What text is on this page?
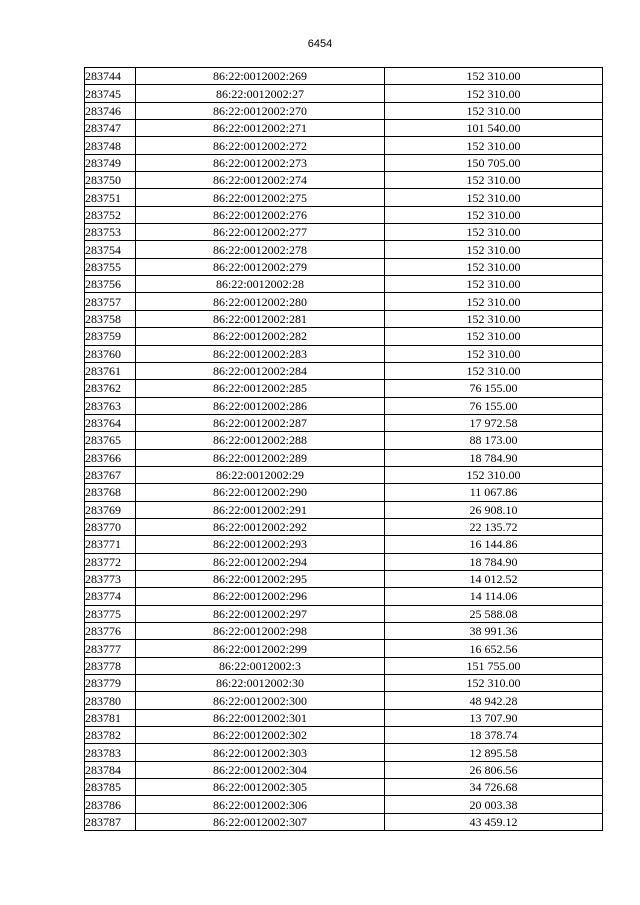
6454
283744	86:22:0012002:269	152 310.00
283745	86:22:0012002:27	152 310.00
283746	86:22:0012002:270	152 310.00
283747	86:22:0012002:271	101 540.00
283748	86:22:0012002:272	152 310.00
283749	86:22:0012002:273	150 705.00
283750	86:22:0012002:274	152 310.00
283751	86:22:0012002:275	152 310.00
283752	86:22:0012002:276	152 310.00
283753	86:22:0012002:277	152 310.00
283754	86:22:0012002:278	152 310.00
283755	86:22:0012002:279	152 310.00
283756	86:22:0012002:28	152 310.00
283757	86:22:0012002:280	152 310.00
283758	86:22:0012002:281	152 310.00
283759	86:22:0012002:282	152 310.00
283760	86:22:0012002:283	152 310.00
283761	86:22:0012002:284	152 310.00
283762	86:22:0012002:285	76 155.00
283763	86:22:0012002:286	76 155.00
283764	86:22:0012002:287	17 972.58
283765	86:22:0012002:288	88 173.00
283766	86:22:0012002:289	18 784.90
283767	86:22:0012002:29	152 310.00
283768	86:22:0012002:290	11 067.86
283769	86:22:0012002:291	26 908.10
283770	86:22:0012002:292	22 135.72
283771	86:22:0012002:293	16 144.86
283772	86:22:0012002:294	18 784.90
283773	86:22:0012002:295	14 012.52
283774	86:22:0012002:296	14 114.06
283775	86:22:0012002:297	25 588.08
283776	86:22:0012002:298	38 991.36
283777	86:22:0012002:299	16 652.56
283778	86:22:0012002:3	151 755.00
283779	86:22:0012002:30	152 310.00
283780	86:22:0012002:300	48 942.28
283781	86:22:0012002:301	13 707.90
283782	86:22:0012002:302	18 378.74
283783	86:22:0012002:303	12 895.58
283784	86:22:0012002:304	26 806.56
283785	86:22:0012002:305	34 726.68
283786	86:22:0012002:306	20 003.38
283787	86:22:0012002:307	43 459.12
